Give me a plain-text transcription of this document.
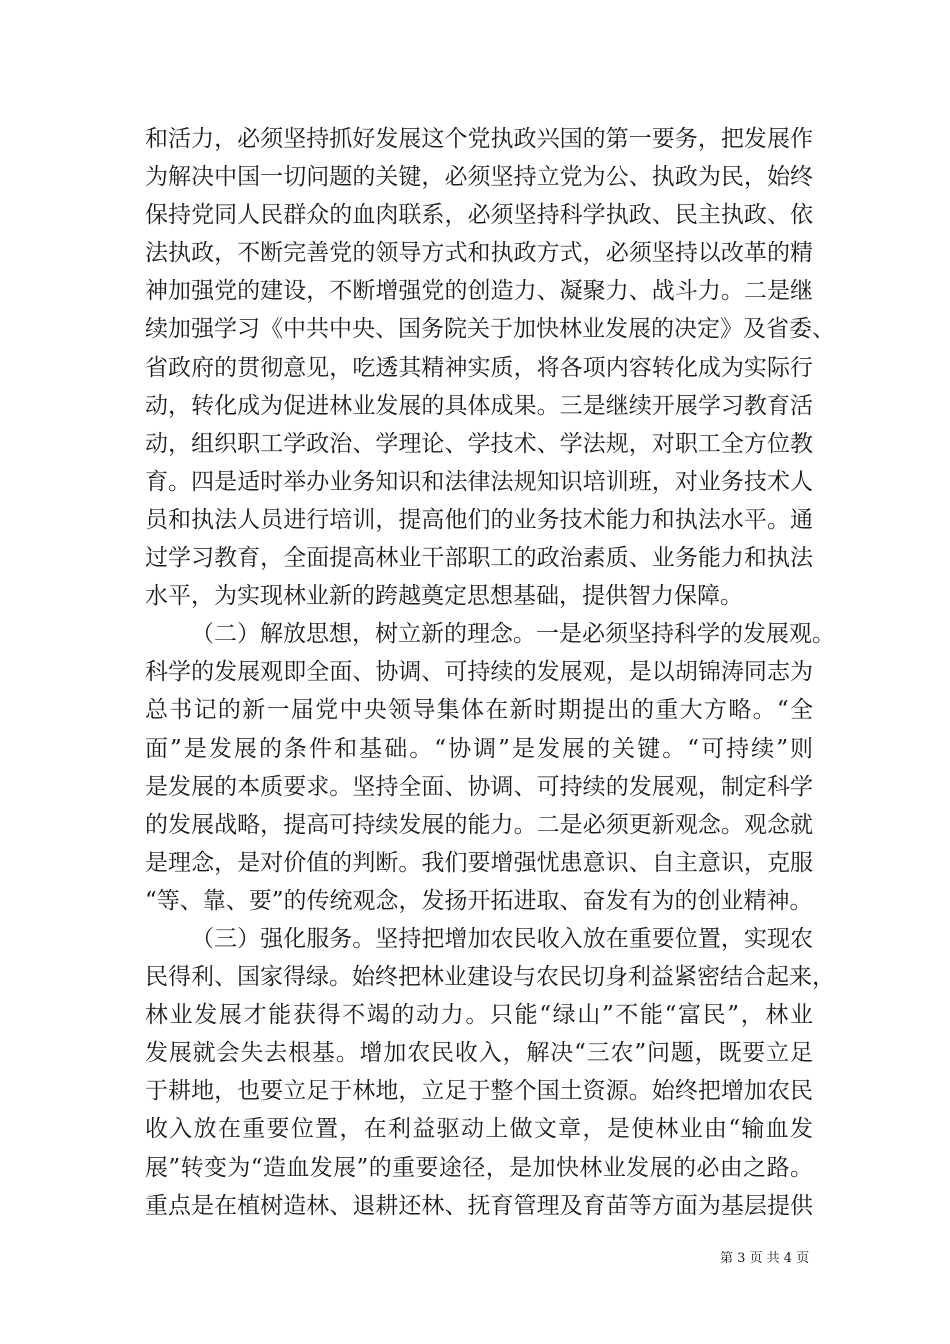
和活力，必须坚持抓好发展这个党执政兴国的第一要务，把发展作
为解决中国一切问题的关键，必须坚持立党为公、执政为民，始终
保持党同人民群众的血肉联系，必须坚持科学执政、民主执政、依
法执政，不断完善党的领导方式和执政方式，必须坚持以改革的精
神加强党的建设，不断增强党的创造力、凝聚力、战斗力。二是继
续加强学习《中共中央、国务院关于加快林业发展的决定》及省委、
省政府的贯彻意见，吃透其精神实质，将各项内容转化成为实际行
动，转化成为促进林业发展的具体成果。三是继续开展学习教育活
动，组织职工学政治、学理论、学技术、学法规，对职工全方位教
育。四是适时举办业务知识和法律法规知识培训班，对业务技术人
员和执法人员进行培训，提高他们的业务技术能力和执法水平。通
过学习教育，全面提高林业干部职工的政治素质、业务能力和执法
水平，为实现林业新的跨越奠定思想基础，提供智力保障。
（二）解放思想，树立新的理念。一是必须坚持科学的发展观。
科学的发展观即全面、协调、可持续的发展观，是以胡锦涛同志为
总书记的新一届党中央领导集体在新时期提出的重大方略。“全
面”是发展的条件和基础。“协调”是发展的关键。“可持续”则
是发展的本质要求。坚持全面、协调、可持续的发展观，制定科学
的发展战略，提高可持续发展的能力。二是必须更新观念。观念就
是理念，是对价值的判断。我们要增强忧患意识、自主意识，克服
“等、靠、要”的传统观念，发扬开拓进取、奋发有为的创业精神。
（三）强化服务。坚持把增加农民收入放在重要位置，实现农
民得利、国家得绿。始终把林业建设与农民切身利益紧密结合起来，
林业发展才能获得不竭的动力。只能“绿山”不能“富民”，林业
发展就会失去根基。增加农民收入，解决“三农”问题，既要立足
于耕地，也要立足于林地，立足于整个国土资源。始终把增加农民
收入放在重要位置，在利益驱动上做文章，是使林业由“输血发
展”转变为“造血发展”的重要途径，是加快林业发展的必由之路。
重点是在植树造林、退耕还林、抚育管理及育苗等方面为基层提供
第 3 页 共 4 页
